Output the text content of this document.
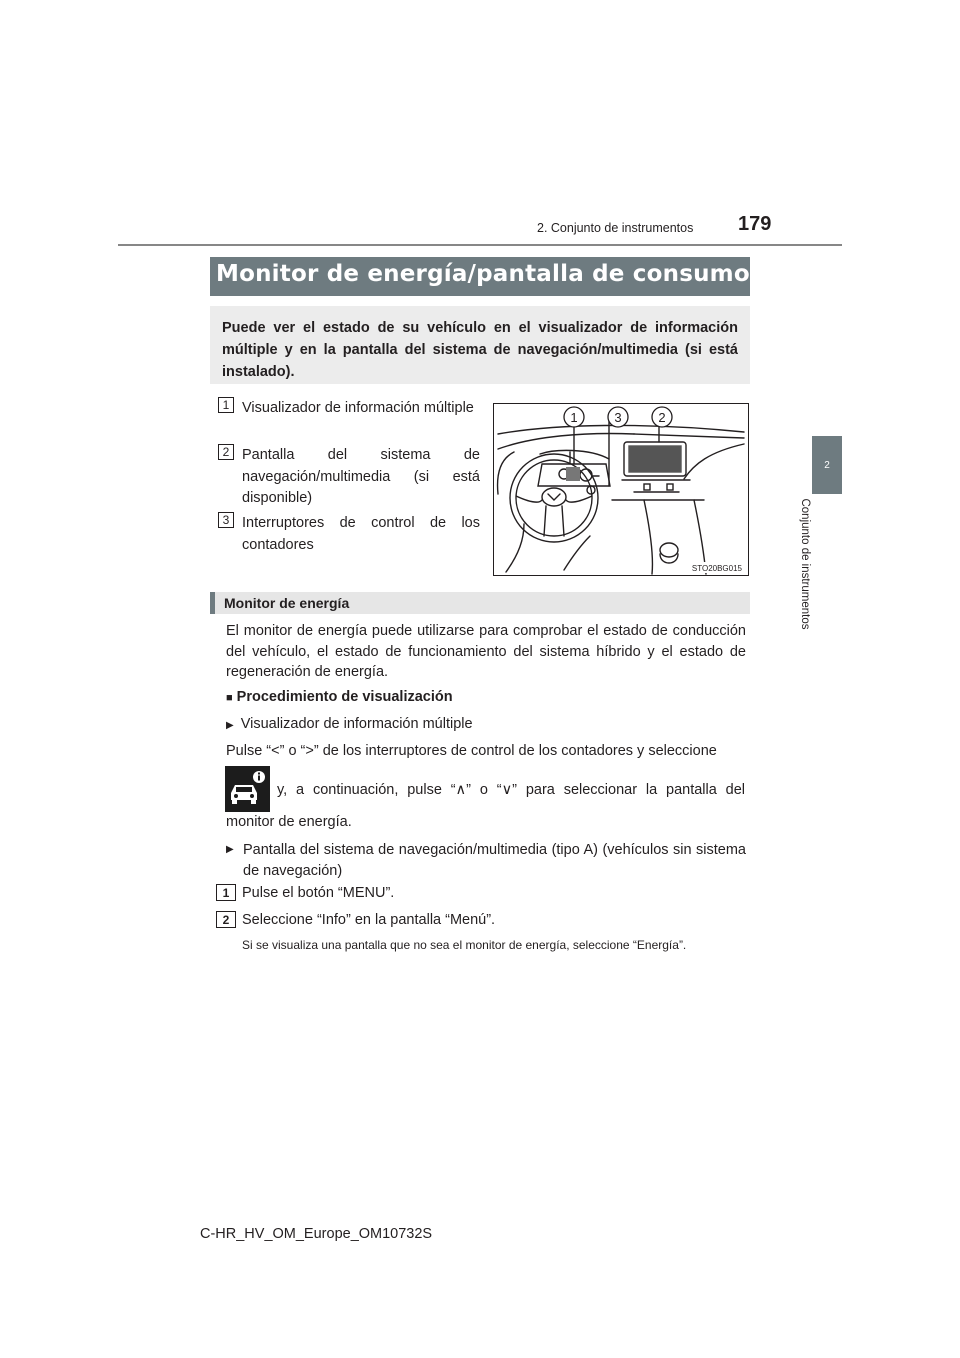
179
2. Conjunto de instrumentos
2
Conjunto de instrumentos
Monitor de energía/pantalla de consumo

Puede ver el estado de su vehículo en el visualizador de información múltiple y en la pantalla del sistema de navegación/multimedia (si está instalado).

1 Visualizador de información múltiple
2 Pantalla del sistema de navegación/multimedia (si está disponible)
3 Interruptores de control de los contadores
1	3	2
STO20BG015
Monitor de energía
El monitor de energía puede utilizarse para comprobar el estado de conducción del vehículo, el estado de funcionamiento del sistema híbrido y el estado de regeneración de energía.
■ Procedimiento de visualización
▶ Visualizador de información múltiple
Pulse “<” o “>” de los interruptores de control de los contadores y seleccione
y, a continuación, pulse “∧” o “∨” para seleccionar la pantalla del
monitor de energía.
▶ Pantalla del sistema de navegación/multimedia (tipo A) (vehículos sin sistema de navegación)
1 Pulse el botón “MENU”.
2 Seleccione “Info” en la pantalla “Menú”.
Si se visualiza una pantalla que no sea el monitor de energía, seleccione “Energía”.
C-HR_HV_OM_Europe_OM10732S
